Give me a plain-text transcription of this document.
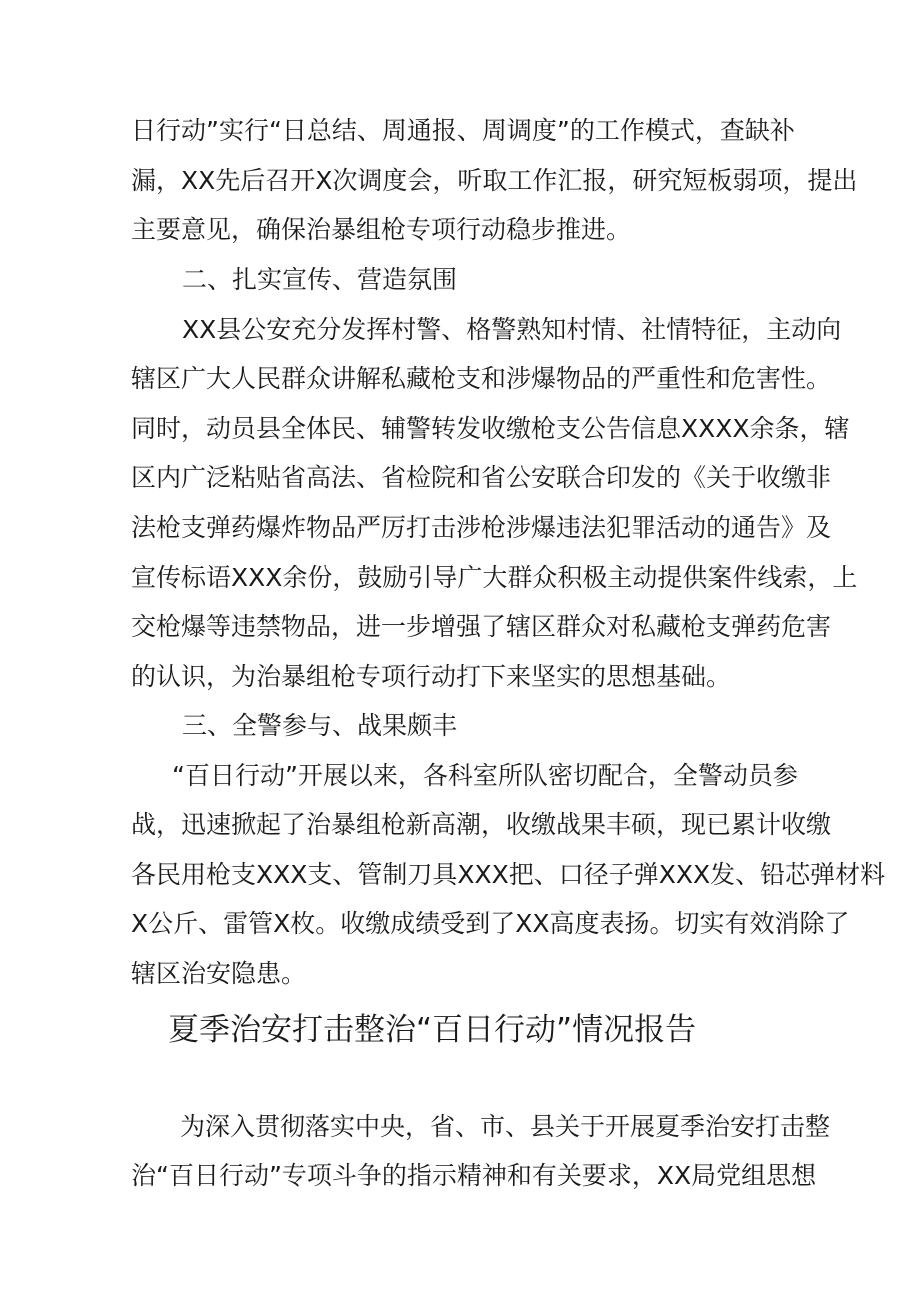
日行动”实行“日总结、周通报、周调度”的工作模式，查缺补
漏，XX先后召开X次调度会，听取工作汇报，研究短板弱项，提出
主要意见，确保治暴组枪专项行动稳步推进。
二、扎实宣传、营造氛围
XX县公安充分发挥村警、格警熟知村情、社情特征，主动向
辖区广大人民群众讲解私藏枪支和涉爆物品的严重性和危害性。
同时，动员县全体民、辅警转发收缴枪支公告信息XXXX余条，辖
区内广泛粘贴省高法、省检院和省公安联合印发的《关于收缴非
法枪支弹药爆炸物品严厉打击涉枪涉爆违法犯罪活动的通告》及
宣传标语XXX余份，鼓励引导广大群众积极主动提供案件线索，上
交枪爆等违禁物品，进一步增强了辖区群众对私藏枪支弹药危害
的认识，为治暴组枪专项行动打下来坚实的思想基础。
三、全警参与、战果颇丰
“百日行动”开展以来，各科室所队密切配合，全警动员参
战，迅速掀起了治暴组枪新高潮，收缴战果丰硕，现已累计收缴
各民用枪支XXX支、管制刀具XXX把、口径子弹XXX发、铅芯弹材料
X公斤、雷管X枚。收缴成绩受到了XX高度表扬。切实有效消除了
辖区治安隐患。
夏季治安打击整治“百日行动”情况报告
为深入贯彻落实中央，省、市、县关于开展夏季治安打击整
治“百日行动”专项斗争的指示精神和有关要求，XX局党组思想
